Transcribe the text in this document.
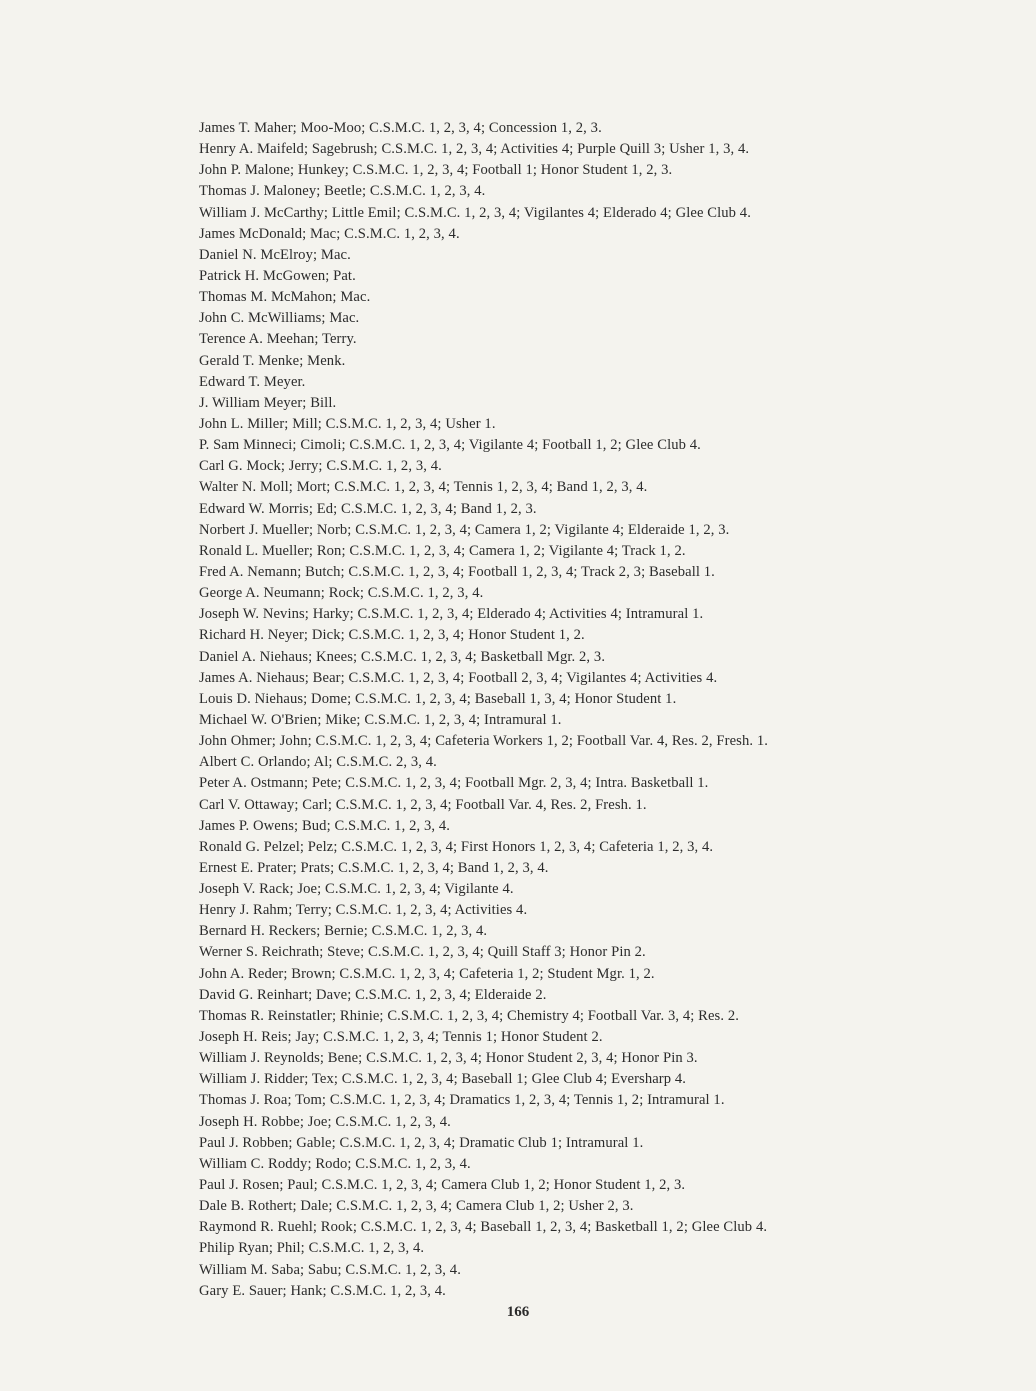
James T. Maher; Moo-Moo; C.S.M.C. 1, 2, 3, 4; Concession 1, 2, 3.
Henry A. Maifeld; Sagebrush; C.S.M.C. 1, 2, 3, 4; Activities 4; Purple Quill 3; Usher 1, 3, 4.
John P. Malone; Hunkey; C.S.M.C. 1, 2, 3, 4; Football 1; Honor Student 1, 2, 3.
Thomas J. Maloney; Beetle; C.S.M.C. 1, 2, 3, 4.
William J. McCarthy; Little Emil; C.S.M.C. 1, 2, 3, 4; Vigilantes 4; Elderado 4; Glee Club 4.
James McDonald; Mac; C.S.M.C. 1, 2, 3, 4.
Daniel N. McElroy; Mac.
Patrick H. McGowen; Pat.
Thomas M. McMahon; Mac.
John C. McWilliams; Mac.
Terence A. Meehan; Terry.
Gerald T. Menke; Menk.
Edward T. Meyer.
J. William Meyer; Bill.
John L. Miller; Mill; C.S.M.C. 1, 2, 3, 4; Usher 1.
P. Sam Minneci; Cimoli; C.S.M.C. 1, 2, 3, 4; Vigilante 4; Football 1, 2; Glee Club 4.
Carl G. Mock; Jerry; C.S.M.C. 1, 2, 3, 4.
Walter N. Moll; Mort; C.S.M.C. 1, 2, 3, 4; Tennis 1, 2, 3, 4; Band 1, 2, 3, 4.
Edward W. Morris; Ed; C.S.M.C. 1, 2, 3, 4; Band 1, 2, 3.
Norbert J. Mueller; Norb; C.S.M.C. 1, 2, 3, 4; Camera 1, 2; Vigilante 4; Elderaide 1, 2, 3.
Ronald L. Mueller; Ron; C.S.M.C. 1, 2, 3, 4; Camera 1, 2; Vigilante 4; Track 1, 2.
Fred A. Nemann; Butch; C.S.M.C. 1, 2, 3, 4; Football 1, 2, 3, 4; Track 2, 3; Baseball 1.
George A. Neumann; Rock; C.S.M.C. 1, 2, 3, 4.
Joseph W. Nevins; Harky; C.S.M.C. 1, 2, 3, 4; Elderado 4; Activities 4; Intramural 1.
Richard H. Neyer; Dick; C.S.M.C. 1, 2, 3, 4; Honor Student 1, 2.
Daniel A. Niehaus; Knees; C.S.M.C. 1, 2, 3, 4; Basketball Mgr. 2, 3.
James A. Niehaus; Bear; C.S.M.C. 1, 2, 3, 4; Football 2, 3, 4; Vigilantes 4; Activities 4.
Louis D. Niehaus; Dome; C.S.M.C. 1, 2, 3, 4; Baseball 1, 3, 4; Honor Student 1.
Michael W. O'Brien; Mike; C.S.M.C. 1, 2, 3, 4; Intramural 1.
John Ohmer; John; C.S.M.C. 1, 2, 3, 4; Cafeteria Workers 1, 2; Football Var. 4, Res. 2, Fresh. 1.
Albert C. Orlando; Al; C.S.M.C. 2, 3, 4.
Peter A. Ostmann; Pete; C.S.M.C. 1, 2, 3, 4; Football Mgr. 2, 3, 4; Intra. Basketball 1.
Carl V. Ottaway; Carl; C.S.M.C. 1, 2, 3, 4; Football Var. 4, Res. 2, Fresh. 1.
James P. Owens; Bud; C.S.M.C. 1, 2, 3, 4.
Ronald G. Pelzel; Pelz; C.S.M.C. 1, 2, 3, 4; First Honors 1, 2, 3, 4; Cafeteria 1, 2, 3, 4.
Ernest E. Prater; Prats; C.S.M.C. 1, 2, 3, 4; Band 1, 2, 3, 4.
Joseph V. Rack; Joe; C.S.M.C. 1, 2, 3, 4; Vigilante 4.
Henry J. Rahm; Terry; C.S.M.C. 1, 2, 3, 4; Activities 4.
Bernard H. Reckers; Bernie; C.S.M.C. 1, 2, 3, 4.
Werner S. Reichrath; Steve; C.S.M.C. 1, 2, 3, 4; Quill Staff 3; Honor Pin 2.
John A. Reder; Brown; C.S.M.C. 1, 2, 3, 4; Cafeteria 1, 2; Student Mgr. 1, 2.
David G. Reinhart; Dave; C.S.M.C. 1, 2, 3, 4; Elderaide 2.
Thomas R. Reinstatler; Rhinie; C.S.M.C. 1, 2, 3, 4; Chemistry 4; Football Var. 3, 4; Res. 2.
Joseph H. Reis; Jay; C.S.M.C. 1, 2, 3, 4; Tennis 1; Honor Student 2.
William J. Reynolds; Bene; C.S.M.C. 1, 2, 3, 4; Honor Student 2, 3, 4; Honor Pin 3.
William J. Ridder; Tex; C.S.M.C. 1, 2, 3, 4; Baseball 1; Glee Club 4; Eversharp 4.
Thomas J. Roa; Tom; C.S.M.C. 1, 2, 3, 4; Dramatics 1, 2, 3, 4; Tennis 1, 2; Intramural 1.
Joseph H. Robbe; Joe; C.S.M.C. 1, 2, 3, 4.
Paul J. Robben; Gable; C.S.M.C. 1, 2, 3, 4; Dramatic Club 1; Intramural 1.
William C. Roddy; Rodo; C.S.M.C. 1, 2, 3, 4.
Paul J. Rosen; Paul; C.S.M.C. 1, 2, 3, 4; Camera Club 1, 2; Honor Student 1, 2, 3.
Dale B. Rothert; Dale; C.S.M.C. 1, 2, 3, 4; Camera Club 1, 2; Usher 2, 3.
Raymond R. Ruehl; Rook; C.S.M.C. 1, 2, 3, 4; Baseball 1, 2, 3, 4; Basketball 1, 2; Glee Club 4.
Philip Ryan; Phil; C.S.M.C. 1, 2, 3, 4.
William M. Saba; Sabu; C.S.M.C. 1, 2, 3, 4.
Gary E. Sauer; Hank; C.S.M.C. 1, 2, 3, 4.
166
